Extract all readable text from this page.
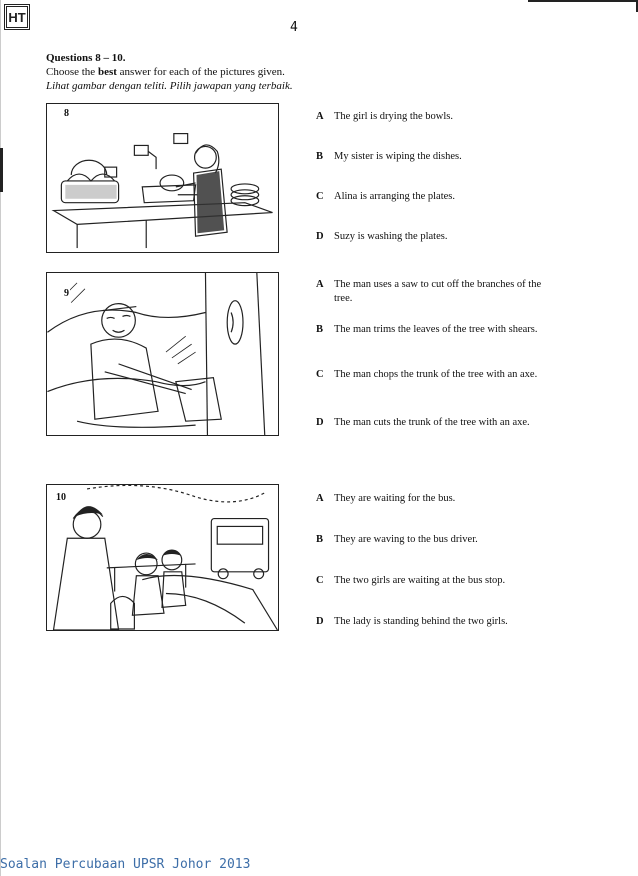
HT
4
Questions 8 – 10.
Choose the best answer for each of the pictures given.
Lihat gambar dengan teliti. Pilih jawapan yang terbaik.
8
9
10
A The girl is drying the bowls.
B My sister is wiping the dishes.
C Alina is arranging the plates.
D Suzy is washing the plates.
A The man uses a saw to cut off the branches of the tree.
B The man trims the leaves of the tree with shears.
C The man chops the trunk of the tree with an axe.
D The man cuts the trunk of the tree with an axe.
A They are waiting for the bus.
B They are waving to the bus driver.
C The two girls are waiting at the bus stop.
D The lady is standing behind the two girls.
Soalan Percubaan UPSR Johor 2013
